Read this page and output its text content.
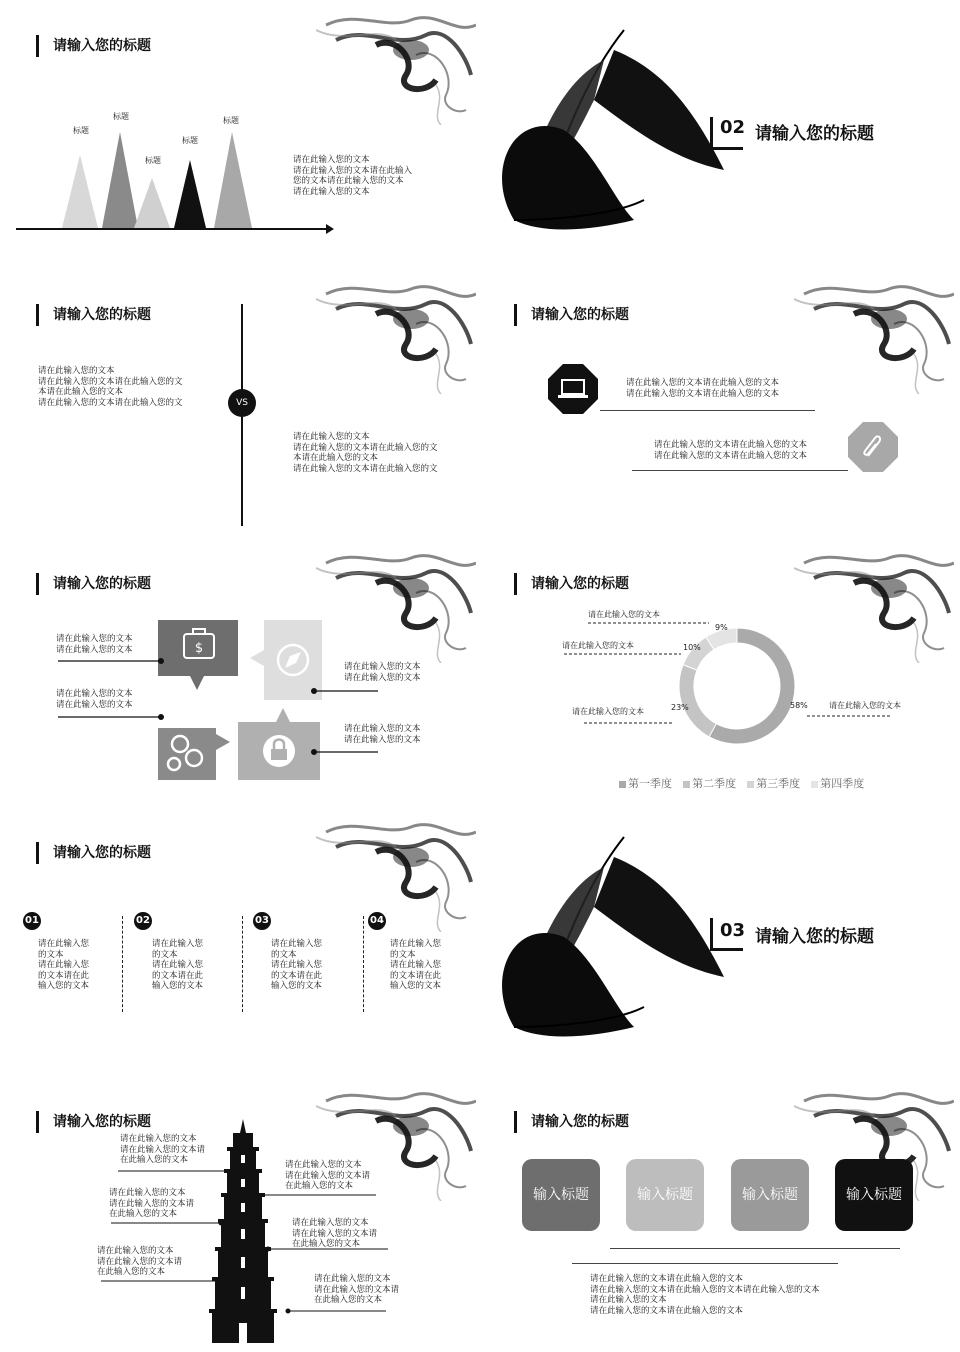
请输入您的标题
标题
标题
标题
标题
标题
请在此输入您的文本
请在此输入您的文本请在此输入
您的文本请在此输入您的文本
请在此输入您的文本
02 请输入您的标题
请输入您的标题
VS
请在此输入您的文本
请在此输入您的文本请在此输入您的文
本请在此输入您的文本
请在此输入您的文本请在此输入您的文
请在此输入您的文本
请在此输入您的文本请在此输入您的文
本请在此输入您的文本
请在此输入您的文本请在此输入您的文
请输入您的标题
请在此输入您的文本请在此输入您的文本
请在此输入您的文本请在此输入您的文本
请在此输入您的文本请在此输入您的文本
请在此输入您的文本请在此输入您的文本
请输入您的标题
$
请在此输入您的文本
请在此输入您的文本
请在此输入您的文本
请在此输入您的文本
请在此输入您的文本
请在此输入您的文本
请在此输入您的文本
请在此输入您的文本
请输入您的标题
58%
23%
10%
9%
请在此输入您的文本
请在此输入您的文本
请在此输入您的文本
请在此输入您的文本
第一季度 第二季度 第三季度 第四季度
请输入您的标题
01	02	03	04
请在此输入您
的文本
请在此输入您
的文本请在此
输入您的文本
请在此输入您
的文本
请在此输入您
的文本请在此
输入您的文本
请在此输入您
的文本
请在此输入您
的文本请在此
输入您的文本
请在此输入您
的文本
请在此输入您
的文本请在此
输入您的文本
03 请输入您的标题
请输入您的标题
请在此输入您的文本
请在此输入您的文本请
在此输入您的文本
请在此输入您的文本
请在此输入您的文本请
在此输入您的文本
请在此输入您的文本
请在此输入您的文本请
在此输入您的文本
请在此输入您的文本
请在此输入您的文本请
在此输入您的文本
请在此输入您的文本
请在此输入您的文本请
在此输入您的文本
请在此输入您的文本
请在此输入您的文本请
在此输入您的文本
请输入您的标题
输入标题	输入标题	输入标题	输入标题
请在此输入您的文本请在此输入您的文本
请在此输入您的文本请在此输入您的文本请在此输入您的文本
请在此输入您的文本
请在此输入您的文本请在此输入您的文本
